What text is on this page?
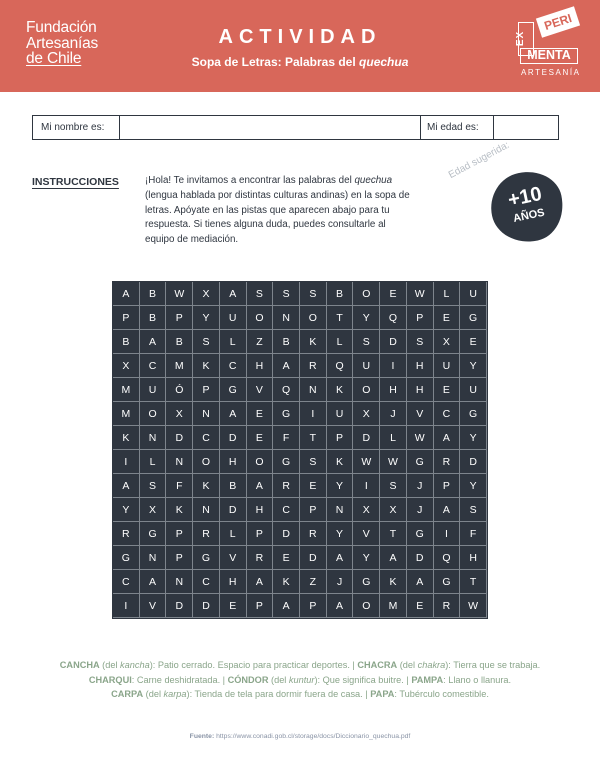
Fundación
Artesanías
de Chile
ACTIVIDAD
Sopa de Letras: Palabras del quechua
EX
PERI
MENTA
ARTESANÍA
Mi nombre es:	Mi edad es:
INSTRUCCIONES	¡Hola! Te invitamos a encontrar las palabras del quechua (lengua hablada por distintas culturas andinas) en la sopa de letras. Apóyate en las pistas que aparecen abajo para tu respuesta. Si tienes alguna duda, puedes consultarle al equipo de mediación.
Edad sugerida:
+10
AÑOS
A	B	W	X	A	S	S	S	B	O	E	W	L	U
P	B	P	Y	U	O	N	O	T	Y	Q	P	E	G
B	A	B	S	L	Z	B	K	L	S	D	S	X	E
X	C	M	K	C	H	A	R	Q	U	I	H	U	Y
M	U	Ó	P	G	V	Q	N	K	O	H	H	E	U
M	O	X	N	A	E	G	I	U	X	J	V	C	G
K	N	D	C	D	E	F	T	P	D	L	W	A	Y
I	L	N	O	H	O	G	S	K	W	W	G	R	D
A	S	F	K	B	A	R	E	Y	I	S	J	P	Y
Y	X	K	N	D	H	C	P	N	X	X	J	A	S
R	G	P	R	L	P	D	R	Y	V	T	G	I	F
G	N	P	G	V	R	E	D	A	Y	A	D	Q	H
C	A	N	C	H	A	K	Z	J	G	K	A	G	T
I	V	D	D	E	P	A	P	A	O	M	E	R	W
CANCHA (del kancha): Patio cerrado. Espacio para practicar deportes. | CHACRA (del chakra): Tierra que se trabaja.
CHARQUI: Carne deshidratada. | CÓNDOR (del kuntur): Que significa buitre. | PAMPA: Llano o llanura.
CARPA (del karpa): Tienda de tela para dormir fuera de casa. | PAPA: Tubérculo comestible.
Fuente: https://www.conadi.gob.cl/storage/docs/Diccionario_quechua.pdf
